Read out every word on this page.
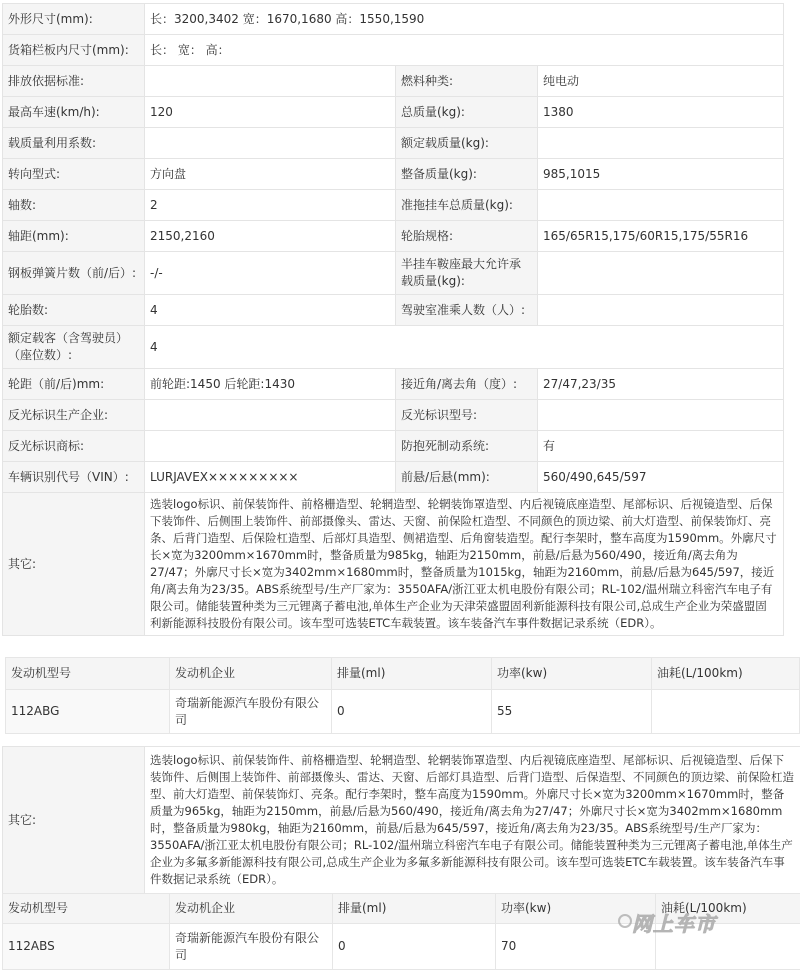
外形尺寸(mm):	长：3200,3402 宽：1670,1680 高：1550,1590		
货箱栏板内尺寸(mm):	长： 宽： 高：		
排放依据标准:		燃料种类:	纯电动
最高车速(km/h):	120	总质量(kg):	1380
载质量利用系数:		额定载质量(kg):	
转向型式:	方向盘	整备质量(kg):	985,1015
轴数:	2	准拖挂车总质量(kg):	
轴距(mm):	2150,2160	轮胎规格:	165/65R15,175/60R15,175/55R16
钢板弹簧片数（前/后）:	-/-	半挂车鞍座最大允许承载质量(kg):	
轮胎数:	4	驾驶室准乘人数（人）:	
额定载客（含驾驶员）（座位数）:	4		
轮距（前/后)mm:	前轮距:1450 后轮距:1430	接近角/离去角（度）:	27/47,23/35
反光标识生产企业:		反光标识型号:	
反光标识商标:		防抱死制动系统:	有
车辆识别代号（VIN）:	LURJAVEX×××××××××	前悬/后悬(mm):	560/490,645/597
其它:	选装logo标识、前保装饰件、前格栅造型、轮辋造型、轮辋装饰罩造型、内后视镜底座造型、尾部标识、后视镜造型、后保下装饰件、后侧围上装饰件、前部摄像头、雷达、天窗、前保险杠造型、不同颜色的顶边梁、前大灯造型、前保装饰灯、亮条、后背门造型、后保险杠造型、后部灯具造型、侧裙造型、后角窗装造型。配行李架时，整车高度为1590mm。外廓尺寸长×宽为3200mm×1670mm时，整备质量为985kg，轴距为2150mm，前悬/后悬为560/490，接近角/离去角为27/47；外廓尺寸长×宽为3402mm×1680mm时，整备质量为1015kg，轴距为2160mm，前悬/后悬为645/597，接近角/离去角为23/35。ABS系统型号/生产厂家为：3550AFA/浙江亚太机电股份有限公司；RL-102/温州瑞立科密汽车电子有限公司。储能装置种类为三元锂离子蓄电池,单体生产企业为天津荣盛盟固利新能源科技有限公司,总成生产企业为荣盛盟固利新能源科技股份有限公司。该车型可选装ETC车载装置。该车装备汽车事件数据记录系统（EDR）。		
发动机型号	发动机企业	排量(ml)	功率(kw)	油耗(L/100km)
112ABG	奇瑞新能源汽车股份有限公司	0	55	
其它:	选装logo标识、前保装饰件、前格栅造型、轮辋造型、轮辋装饰罩造型、内后视镜底座造型、尾部标识、后视镜造型、后保下装饰件、后侧围上装饰件、前部摄像头、雷达、天窗、后部灯具造型、后背门造型、后保造型、不同颜色的顶边梁、前保险杠造型、前大灯造型、前保装饰灯、亮条。配行李架时，整车高度为1590mm。外廓尺寸长×宽为3200mm×1670mm时，整备质量为965kg，轴距为2150mm，前悬/后悬为560/490，接近角/离去角为27/47；外廓尺寸长×宽为3402mm×1680mm时，整备质量为980kg，轴距为2160mm，前悬/后悬为645/597，接近角/离去角为23/35。ABS系统型号/生产厂家为：3550AFA/浙江亚太机电股份有限公司；RL-102/温州瑞立科密汽车电子有限公司。储能装置种类为三元锂离子蓄电池,单体生产企业为多氟多新能源科技有限公司,总成生产企业为多氟多新能源科技有限公司。该车型可选装ETC车载装置。该车装备汽车事件数据记录系统（EDR）。
发动机型号	发动机企业	排量(ml)	功率(kw)	油耗(L/100km)
112ABS	奇瑞新能源汽车股份有限公司	0	70	
网上车市
